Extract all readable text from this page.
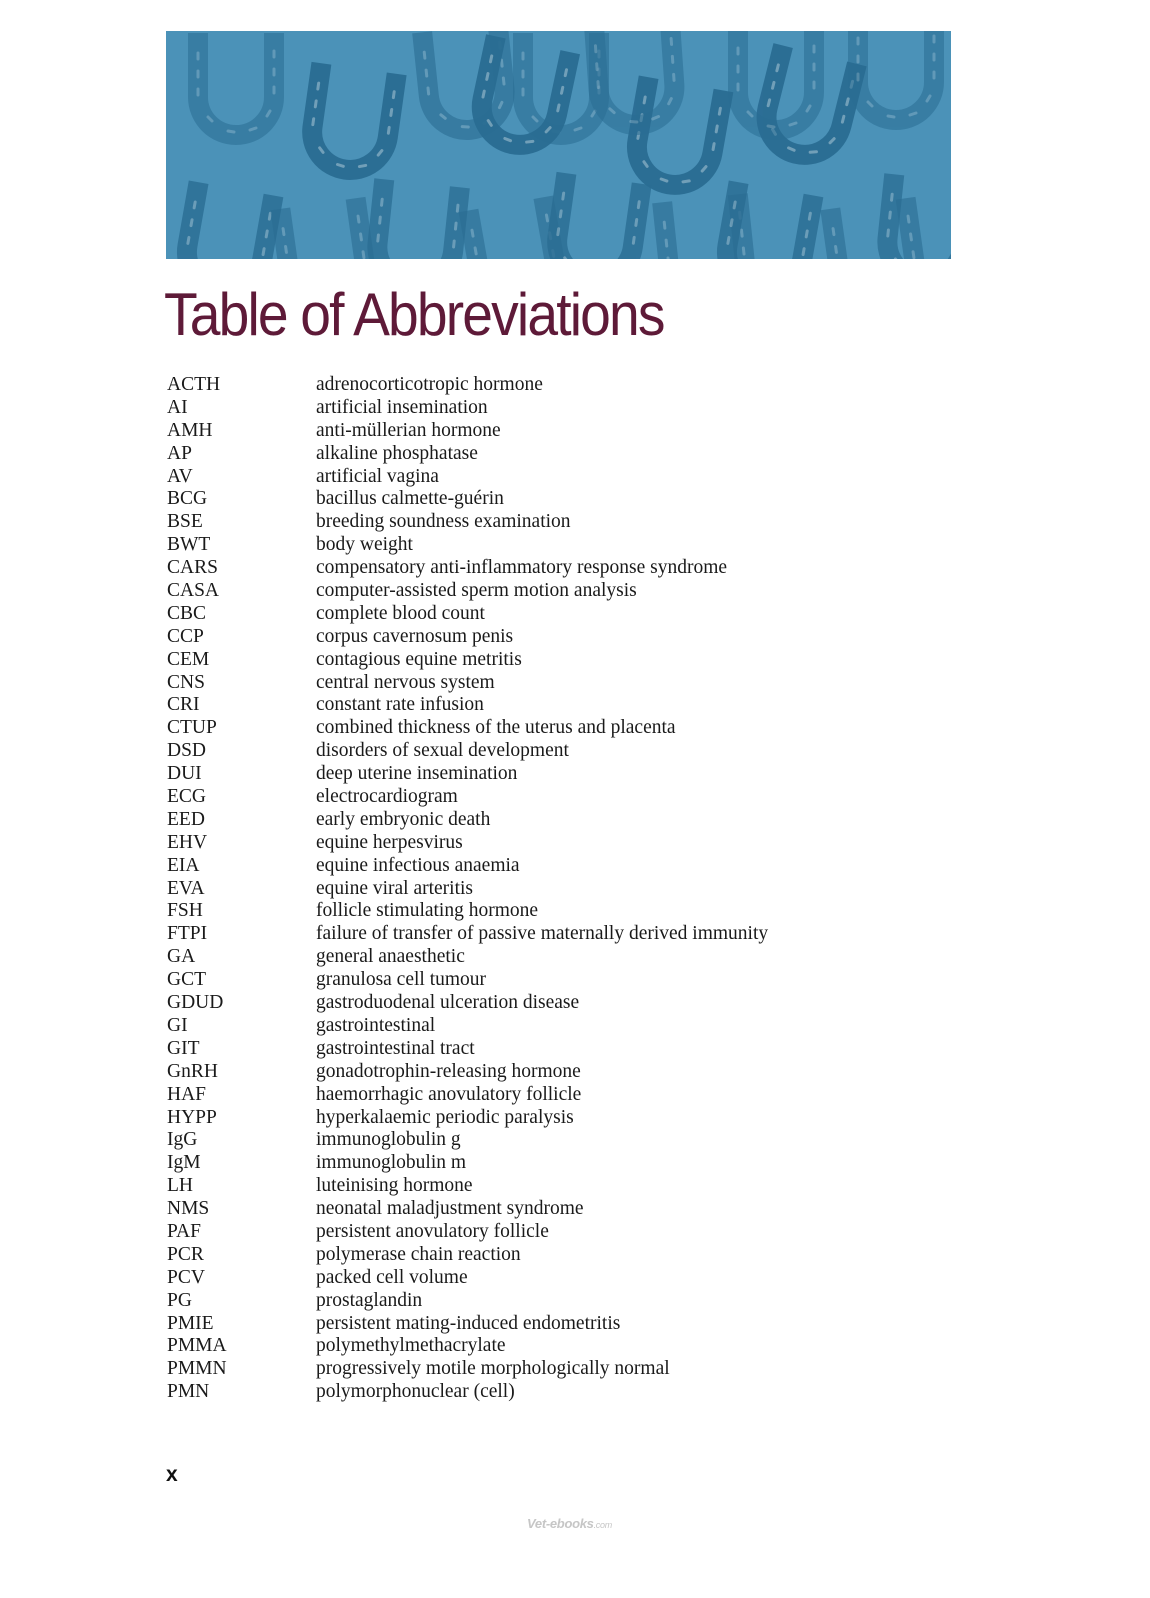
Table of Abbreviations
ACTH	adrenocorticotropic hormone
AI	artificial insemination
AMH	anti-müllerian hormone
AP	alkaline phosphatase
AV	artificial vagina
BCG	bacillus calmette-guérin
BSE	breeding soundness examination
BWT	body weight
CARS	compensatory anti-inflammatory response syndrome
CASA	computer-assisted sperm motion analysis
CBC	complete blood count
CCP	corpus cavernosum penis
CEM	contagious equine metritis
CNS	central nervous system
CRI	constant rate infusion
CTUP	combined thickness of the uterus and placenta
DSD	disorders of sexual development
DUI	deep uterine insemination
ECG	electrocardiogram
EED	early embryonic death
EHV	equine herpesvirus
EIA	equine infectious anaemia
EVA	equine viral arteritis
FSH	follicle stimulating hormone
FTPI	failure of transfer of passive maternally derived immunity
GA	general anaesthetic
GCT	granulosa cell tumour
GDUD	gastroduodenal ulceration disease
GI	gastrointestinal
GIT	gastrointestinal tract
GnRH	gonadotrophin-releasing hormone
HAF	haemorrhagic anovulatory follicle
HYPP	hyperkalaemic periodic paralysis
IgG	immunoglobulin g
IgM	immunoglobulin m
LH	luteinising hormone
NMS	neonatal maladjustment syndrome
PAF	persistent anovulatory follicle
PCR	polymerase chain reaction
PCV	packed cell volume
PG	prostaglandin
PMIE	persistent mating-induced endometritis
PMMA	polymethylmethacrylate
PMMN	progressively motile morphologically normal
PMN	polymorphonuclear (cell)
x
Vet-ebooks.com
